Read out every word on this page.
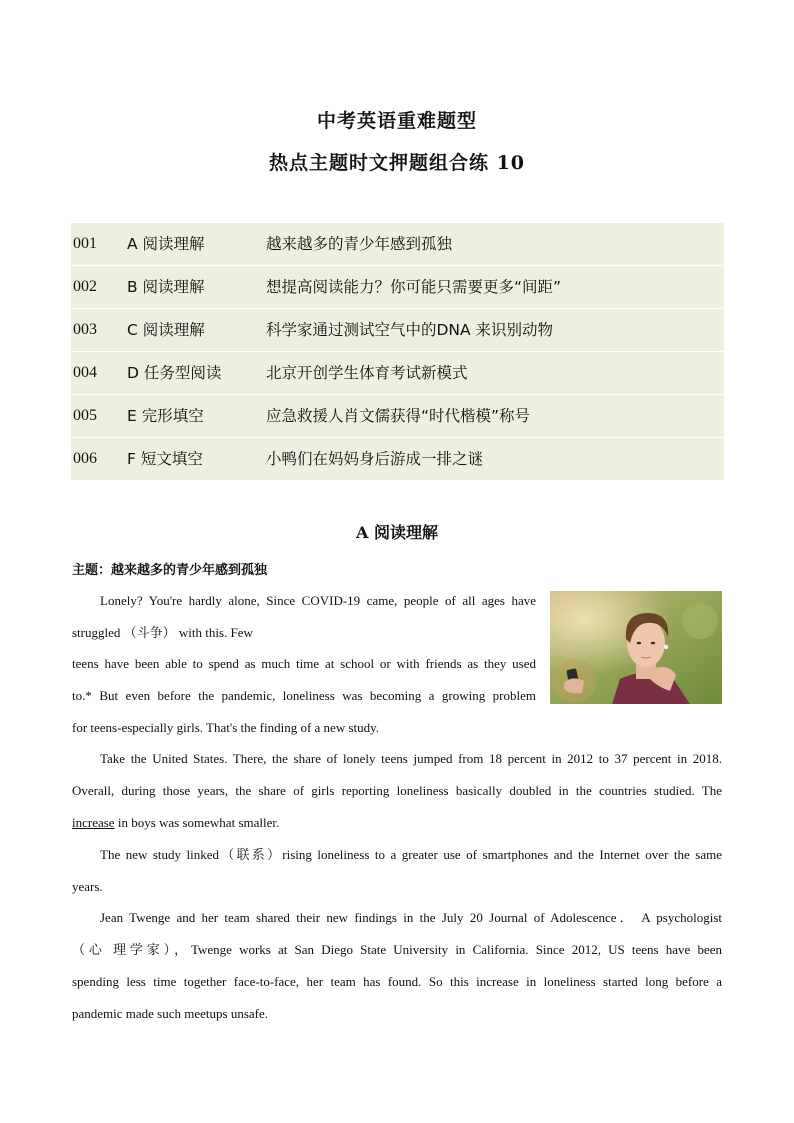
中考英语重难题型
热点主题时文押题组合练 10
001 A 阅读理解	越来越多的青少年感到孤独
002 B 阅读理解	想提高阅读能力？你可能只需要更多“间距”
003 C 阅读理解	科学家通过测试空气中的DNA 来识别动物
004 D 任务型阅读	北京开创学生体育考试新模式
005 E 完形填空	应急救援人肖文儒获得“时代楷模”称号
006 F 短文填空	小鸭们在妈妈身后游成一排之谜
A 阅读理解
主题：越来越多的青少年感到孤独
Lonely? You're hardly alone, Since COVID-19 came, people of all ages have
struggled （斗争） with this. Few
teens have been able to spend as much time at school or with friends as they used
to.* But even before the pandemic, loneliness was becoming a growing problem
for teens-especially girls. That's the finding of a new study.
Take the United States. There, the share of lonely teens jumped from 18 percent in 2012 to 37 percent in 2018.
Overall, during those years, the share of girls reporting loneliness basically doubled in the countries studied. The
increase in boys was somewhat smaller.
The new study linked（联系）rising loneliness to a greater use of smartphones and the Internet over the same
years.
Jean Twenge and her team shared their new findings in the July 20 Journal of Adolescence． A psychologist
（心 理学家），Twenge works at San Diego State University in California. Since 2012, US teens have been
spending less time together face-to-face, her team has found. So this increase in loneliness started long before a
pandemic made such meetups unsafe.
